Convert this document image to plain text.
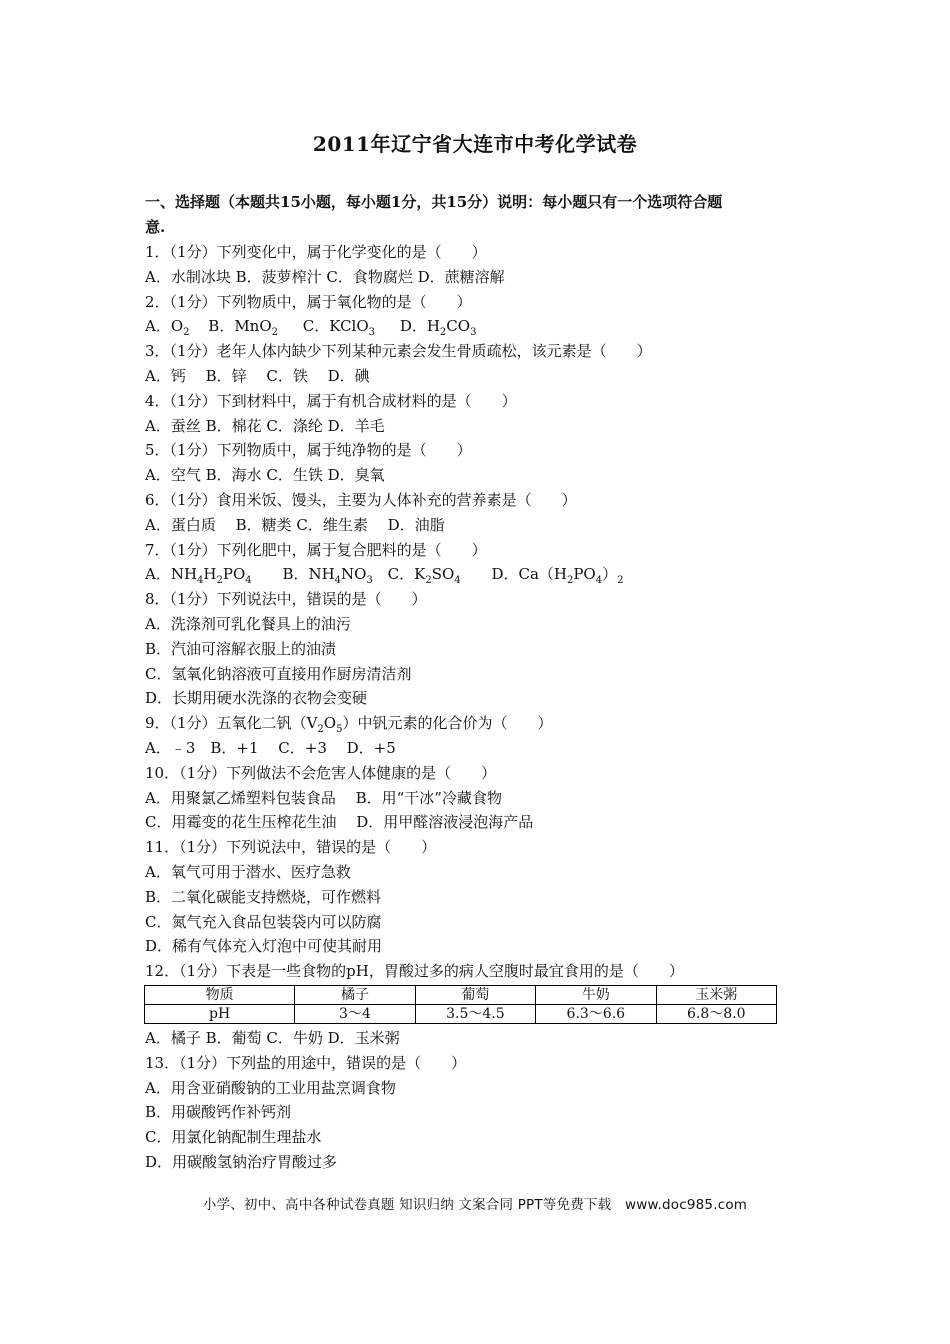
2011年辽宁省大连市中考化学试卷
一、选择题（本题共15小题，每小题1分，共15分）说明：每小题只有一个选项符合题
意.
1．（1分）下列变化中，属于化学变化的是（　　）
A．水制冰块 B．菠萝榨汁 C．食物腐烂 D．蔗糖溶解
2．（1分）下列物质中，属于氧化物的是（　　）
A．$O_2$ B．MnO$_2$ C．KClO$_3$ D．$H_2CO_3$
3．（1分）老年人体内缺少下列某种元素会发生骨质疏松，该元素是（　　）
A．钙　 B．锌　 C．铁　 D．碘
4．（1分）下到材料中，属于有机合成材料的是（　　）
A．蚕丝 B．棉花 C．涤纶 D．羊毛
5．（1分）下列物质中，属于纯净物的是（　　）
A．空气 B．海水 C．生铁 D．臭氧
6．（1分）食用米饭、馒头，主要为人体补充的营养素是（　　）
A．蛋白质　 B．糖类 C．维生素　 D．油脂
7．（1分）下列化肥中，属于复合肥料的是（　　）
A．$NH_4H_2PO_4$ B．$NH_4NO_3$ C．$K_2SO_4$ D．$Ca(H_2PO_4)_2$
8．（1分）下列说法中，错误的是（　　）
A．洗涤剂可乳化餐具上的油污
B．汽油可溶解衣服上的油渍
C．氢氧化钠溶液可直接用作厨房清洁剂
D．长期用硬水洗涤的衣物会变硬
9．（1分）五氧化二钒$(V_2O_5)$中钒元素的化合价为（　　）
A．﹣3　B．+1　 C．+3　 D．+5
10．（1分）下列做法不会危害人体健康的是（　　）
A．用聚氯乙烯塑料包装食品　 B．用“干冰”冷藏食物
C．用霉变的花生压榨花生油　 D．用甲醛溶液浸泡海产品
11．（1分）下列说法中，错误的是（　　）
A．氧气可用于潜水、医疗急救
B．二氧化碳能支持燃烧，可作燃料
C．氮气充入食品包装袋内可以防腐
D．稀有气体充入灯泡中可使其耐用
12．（1分）下表是一些食物的pH，胃酸过多的病人空腹时最宜食用的是（　　）
物质	橘子	葡萄	牛奶	玉米粥
pH	3～4	3.5～4.5	6.3～6.6	6.8～8.0
A．橘子 B．葡萄 C．牛奶 D．玉米粥
13．（1分）下列盐的用途中，错误的是（　　）
A．用含亚硝酸钠的工业用盐烹调食物
B．用碳酸钙作补钙剂
C．用氯化钠配制生理盐水
D．用碳酸氢钠治疗胃酸过多
小学、初中、高中各种试卷真题 知识归纳 文案合同 PPT等免费下载　www.doc985.com
